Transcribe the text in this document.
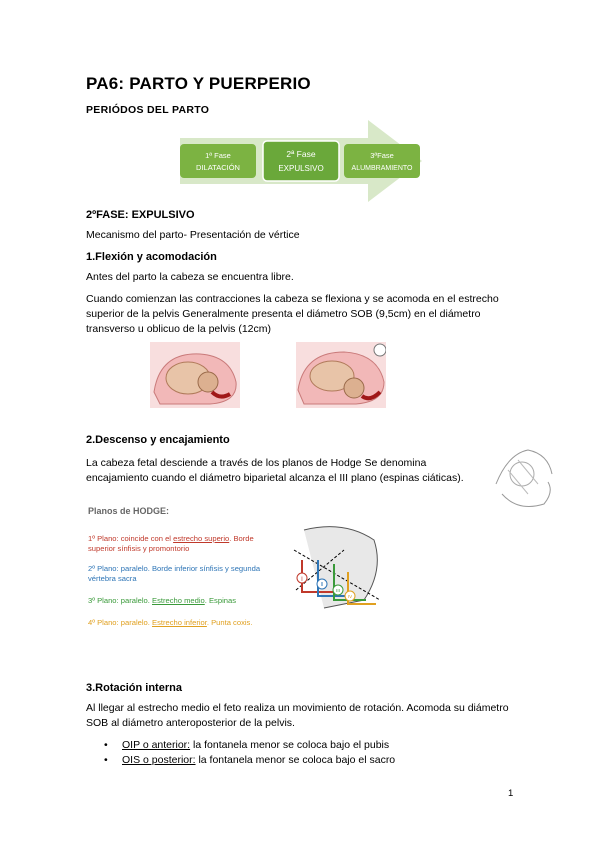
PA6: PARTO Y PUERPERIO
PERIÓDOS DEL PARTO
1ª Fase
DILATACIÓN
2ª Fase
EXPULSIVO
3ªFase
ALUMBRAMIENTO
2ºFASE: EXPULSIVO
Mecanismo del parto- Presentación de vértice
1.Flexión y acomodación
Antes del parto la cabeza se encuentra libre.
Cuando comienzan las contracciones la cabeza se flexiona y se acomoda en el estrecho superior de la pelvis Generalmente presenta el diámetro SOB (9,5cm) en el diámetro transverso u oblicuo de la pelvis (12cm)
2.Descenso y encajamiento
La cabeza fetal desciende a través de los planos de Hodge Se denomina encajamiento cuando el diámetro biparietal alcanza el III plano (espinas ciáticas).
Planos de HODGE:
1º Plano: coincide con el estrecho superio. Borde superior sínfisis y promontorio
2º Plano: paralelo. Borde inferior sínfisis y segunda vértebra sacra
3º Plano: paralelo. Estrecho medio. Espinas
4º Plano: paralelo. Estrecho inferior. Punta coxis.
I
II
III
IV
3.Rotación interna
Al llegar al estrecho medio el feto realiza un movimiento de rotación. Acomoda su diámetro SOB al diámetro anteroposterior de la pelvis.
• OIP o anterior: la fontanela menor se coloca bajo el pubis
• OIS o posterior: la fontanela menor se coloca bajo el sacro
1
